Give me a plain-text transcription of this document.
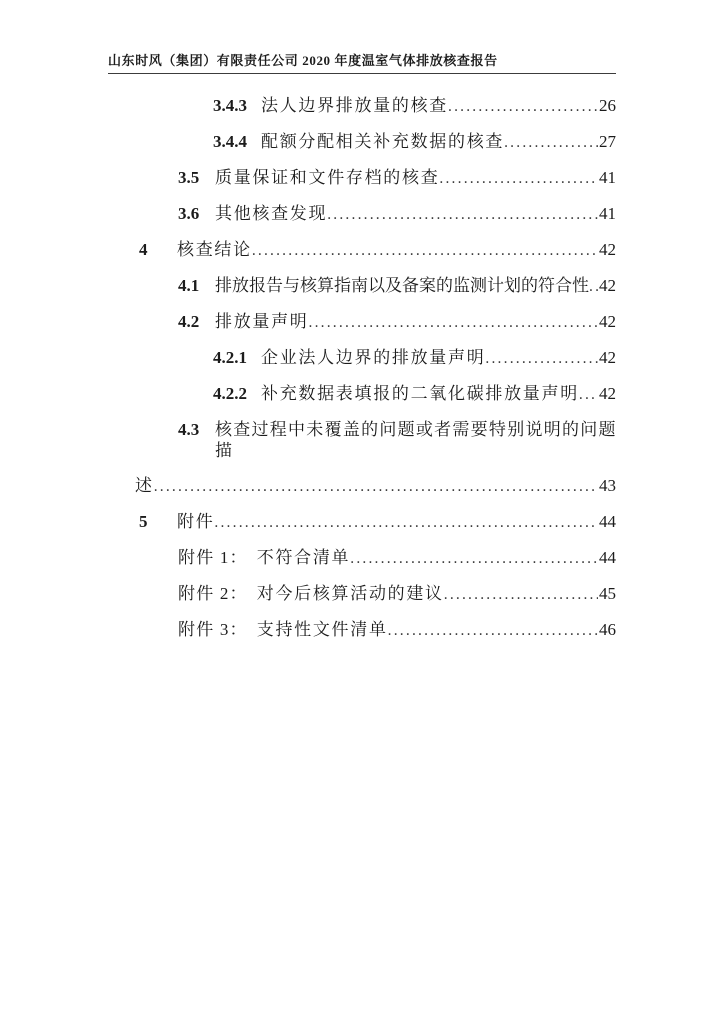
山东时风（集团）有限责任公司 2020 年度温室气体排放核查报告
3.4.3 法人边界排放量的核查 .....	26
3.4.4 配额分配相关补充数据的核查 .....	27
3.5 质量保证和文件存档的核查 .....	41
3.6 其他核查发现 .....	41
4	核查结论 .....	42
4.1 排放报告与核算指南以及备案的监测计划的符合性 ..... 42
4.2 排放量声明 .....	42
4.2.1 企业法人边界的排放量声明 .....	42
4.2.2 补充数据表填报的二氧化碳排放量声明 ..... 42
4.3 核查过程中未覆盖的问题或者需要特别说明的问题描
述 .....	43
5	附件 .....	44
附件 1： 不符合清单 .....	44
附件 2： 对今后核算活动的建议 .....	45
附件 3： 支持性文件清单 .....	46
